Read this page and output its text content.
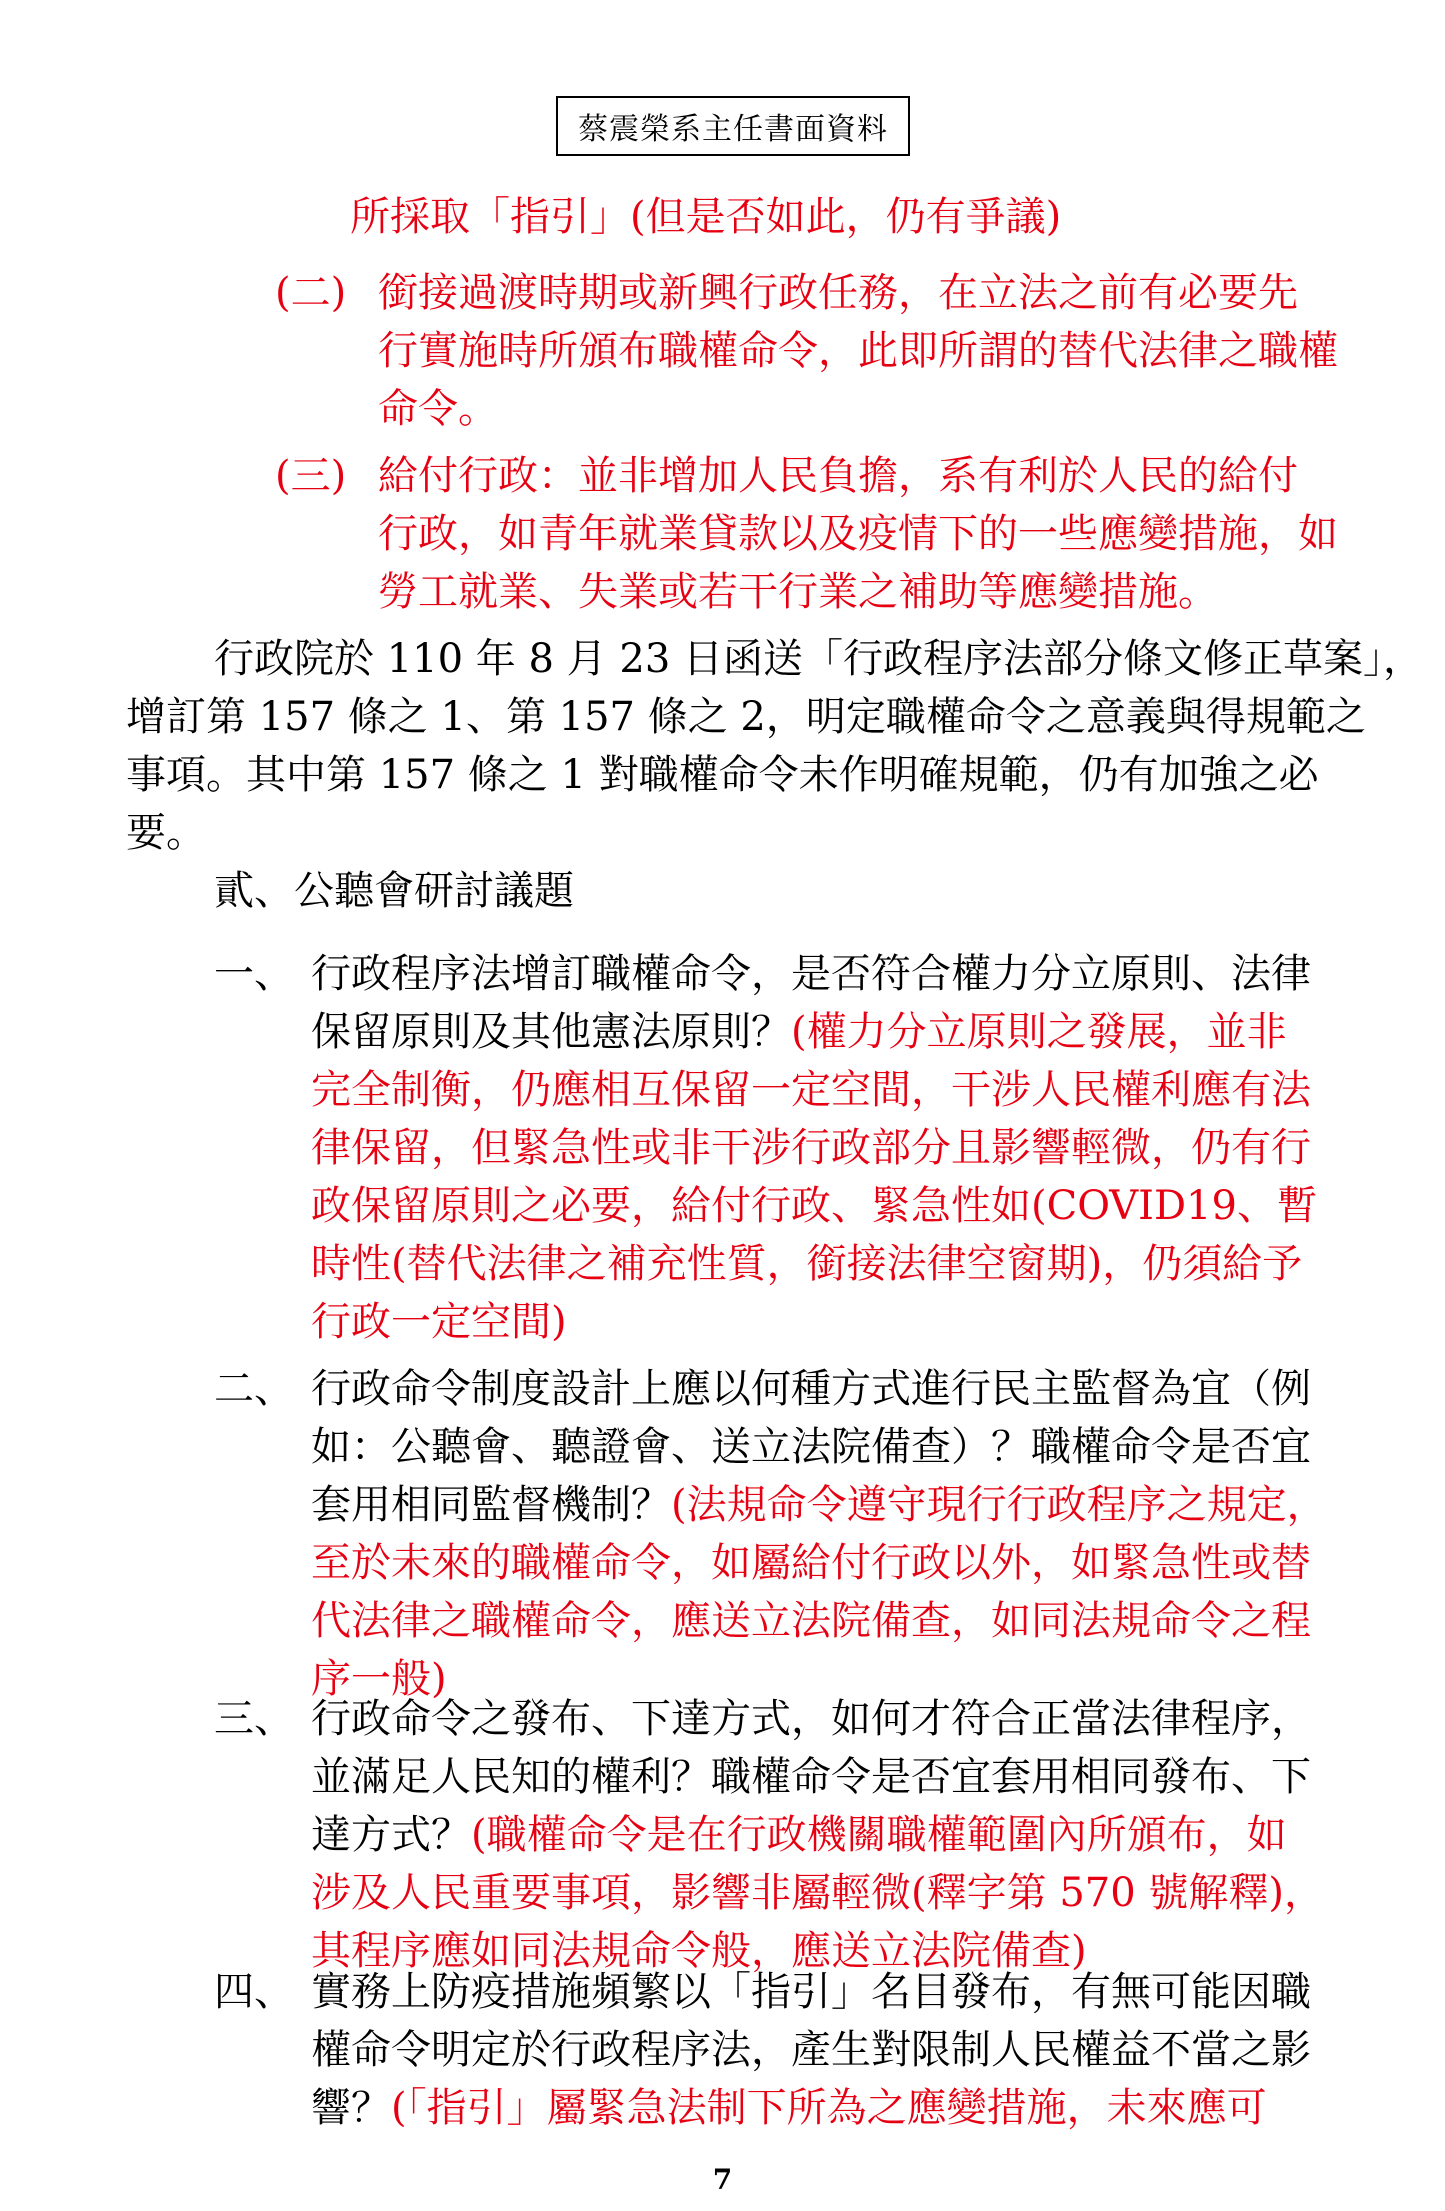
蔡震榮系主任書面資料

所採取「指引」(但是否如此，仍有爭議)

(二) 銜接過渡時期或新興行政任務，在立法之前有必要先
行實施時所頒布職權命令，此即所謂的替代法律之職權
命令。

(三) 給付行政：並非增加人民負擔，系有利於人民的給付
行政，如青年就業貸款以及疫情下的一些應變措施，如
勞工就業、失業或若干行業之補助等應變措施。

行政院於 110 年 8 月 23 日函送「行政程序法部分條文修正草案」，
增訂第 157 條之 1、第 157 條之 2，明定職權命令之意義與得規範之
事項。其中第 157 條之 1 對職權命令未作明確規範，仍有加強之必
要。

貳、公聽會研討議題

一、 行政程序法增訂職權命令，是否符合權力分立原則、法律
保留原則及其他憲法原則？(權力分立原則之發展，並非
完全制衡，仍應相互保留一定空間，干涉人民權利應有法
律保留，但緊急性或非干涉行政部分且影響輕微，仍有行
政保留原則之必要，給付行政、緊急性如(COVID19、暫
時性(替代法律之補充性質，銜接法律空窗期)，仍須給予
行政一定空間)

二、 行政命令制度設計上應以何種方式進行民主監督為宜（例
如：公聽會、聽證會、送立法院備查）？職權命令是否宜
套用相同監督機制？(法規命令遵守現行行政程序之規定，
至於未來的職權命令，如屬給付行政以外，如緊急性或替
代法律之職權命令，應送立法院備查，如同法規命令之程
序一般)

三、 行政命令之發布、下達方式，如何才符合正當法律程序，
並滿足人民知的權利？職權命令是否宜套用相同發布、下
達方式？(職權命令是在行政機關職權範圍內所頒布，如
涉及人民重要事項，影響非屬輕微(釋字第 570 號解釋)，
其程序應如同法規命令般，應送立法院備查)

四、 實務上防疫措施頻繁以「指引」名目發布，有無可能因職
權命令明定於行政程序法，產生對限制人民權益不當之影
響？(「指引」屬緊急法制下所為之應變措施，未來應可

7
